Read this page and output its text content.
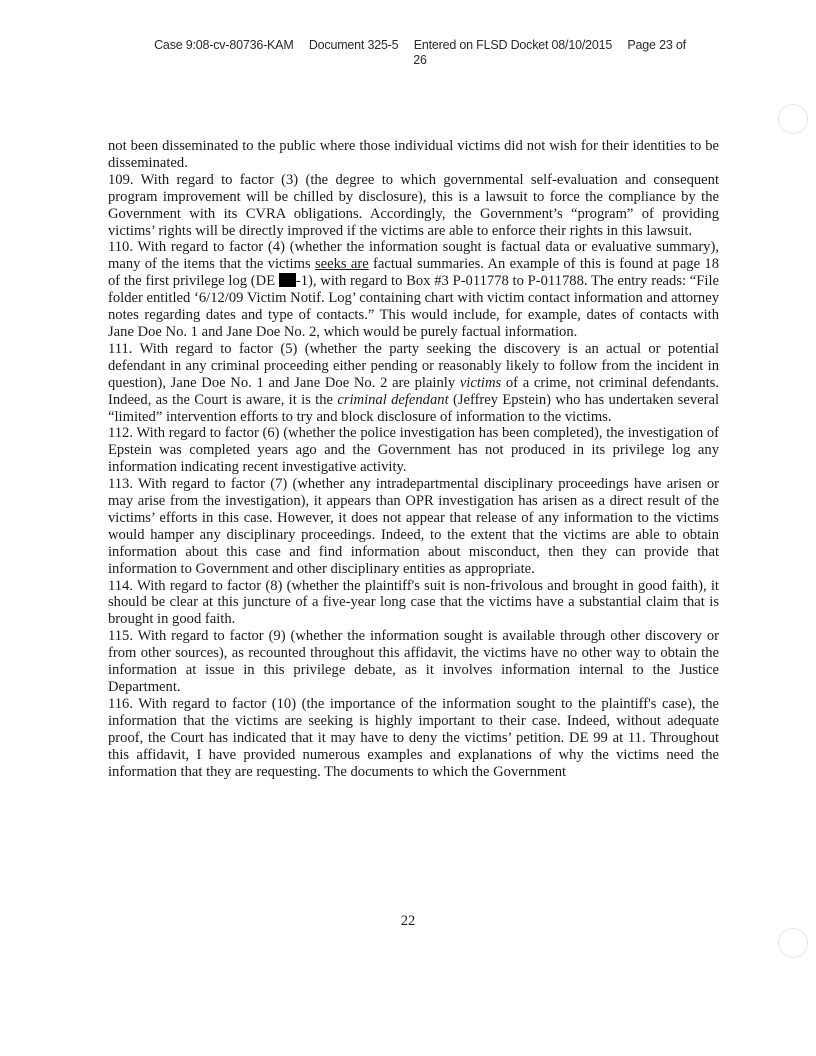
Case 9:08-cv-80736-KAM Document 325-5 Entered on FLSD Docket 08/10/2015 Page 23 of
26

not been disseminated to the public where those individual victims did not wish for their identities to be disseminated.

109. With regard to factor (3) (the degree to which governmental self-evaluation and consequent program improvement will be chilled by disclosure), this is a lawsuit to force the compliance by the Government with its CVRA obligations. Accordingly, the Government’s “program” of providing victims’ rights will be directly improved if the victims are able to enforce their rights in this lawsuit.

110. With regard to factor (4) (whether the information sought is factual data or evaluative summary), many of the items that the victims seeks are factual summaries. An example of this is found at page 18 of the first privilege log (DE -1), with regard to Box #3 P-011778 to P-011788. The entry reads: “File folder entitled ‘6/12/09 Victim Notif. Log’ containing chart with victim contact information and attorney notes regarding dates and type of contacts.” This would include, for example, dates of contacts with Jane Doe No. 1 and Jane Doe No. 2, which would be purely factual information.

111. With regard to factor (5) (whether the party seeking the discovery is an actual or potential defendant in any criminal proceeding either pending or reasonably likely to follow from the incident in question), Jane Doe No. 1 and Jane Doe No. 2 are plainly victims of a crime, not criminal defendants. Indeed, as the Court is aware, it is the criminal defendant (Jeffrey Epstein) who has undertaken several “limited” intervention efforts to try and block disclosure of information to the victims.

112. With regard to factor (6) (whether the police investigation has been completed), the investigation of Epstein was completed years ago and the Government has not produced in its privilege log any information indicating recent investigative activity.

113. With regard to factor (7) (whether any intradepartmental disciplinary proceedings have arisen or may arise from the investigation), it appears than OPR investigation has arisen as a direct result of the victims’ efforts in this case. However, it does not appear that release of any information to the victims would hamper any disciplinary proceedings. Indeed, to the extent that the victims are able to obtain information about this case and find information about misconduct, then they can provide that information to Government and other disciplinary entities as appropriate.

114. With regard to factor (8) (whether the plaintiff's suit is non-frivolous and brought in good faith), it should be clear at this juncture of a five-year long case that the victims have a substantial claim that is brought in good faith.

115. With regard to factor (9) (whether the information sought is available through other discovery or from other sources), as recounted throughout this affidavit, the victims have no other way to obtain the information at issue in this privilege debate, as it involves information internal to the Justice Department.

116. With regard to factor (10) (the importance of the information sought to the plaintiff's case), the information that the victims are seeking is highly important to their case. Indeed, without adequate proof, the Court has indicated that it may have to deny the victims’ petition. DE 99 at 11. Throughout this affidavit, I have provided numerous examples and explanations of why the victims need the information that they are requesting. The documents to which the Government

22
